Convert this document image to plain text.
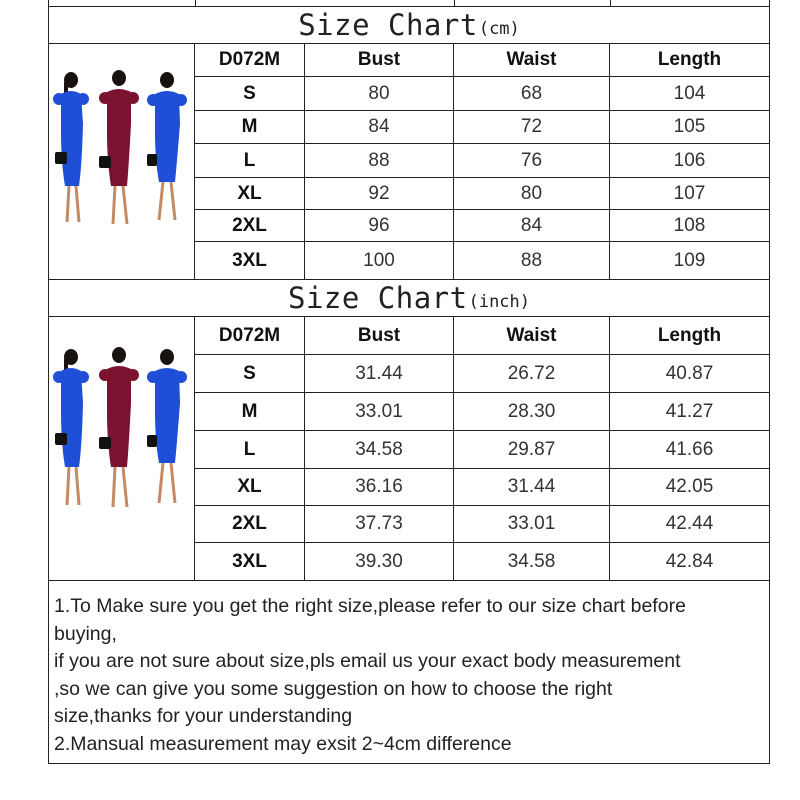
Size Chart (cm)
D072M	Bust	Waist	Length
S	80	68	104
M	84	72	105
L	88	76	106
XL	92	80	107
2XL	96	84	108
3XL	100	88	109
Size Chart (inch)
D072M	Bust	Waist	Length
S	31.44	26.72	40.87
M	33.01	28.30	41.27
L	34.58	29.87	41.66
XL	36.16	31.44	42.05
2XL	37.73	33.01	42.44
3XL	39.30	34.58	42.84
1.To Make sure you get the right size,please refer to our size chart before
buying,
if you are not sure about size,pls email us your exact body measurement
,so we can give you some suggestion on how to choose the right
size,thanks for your understanding
2.Mansual measurement may exsit 2~4cm difference
